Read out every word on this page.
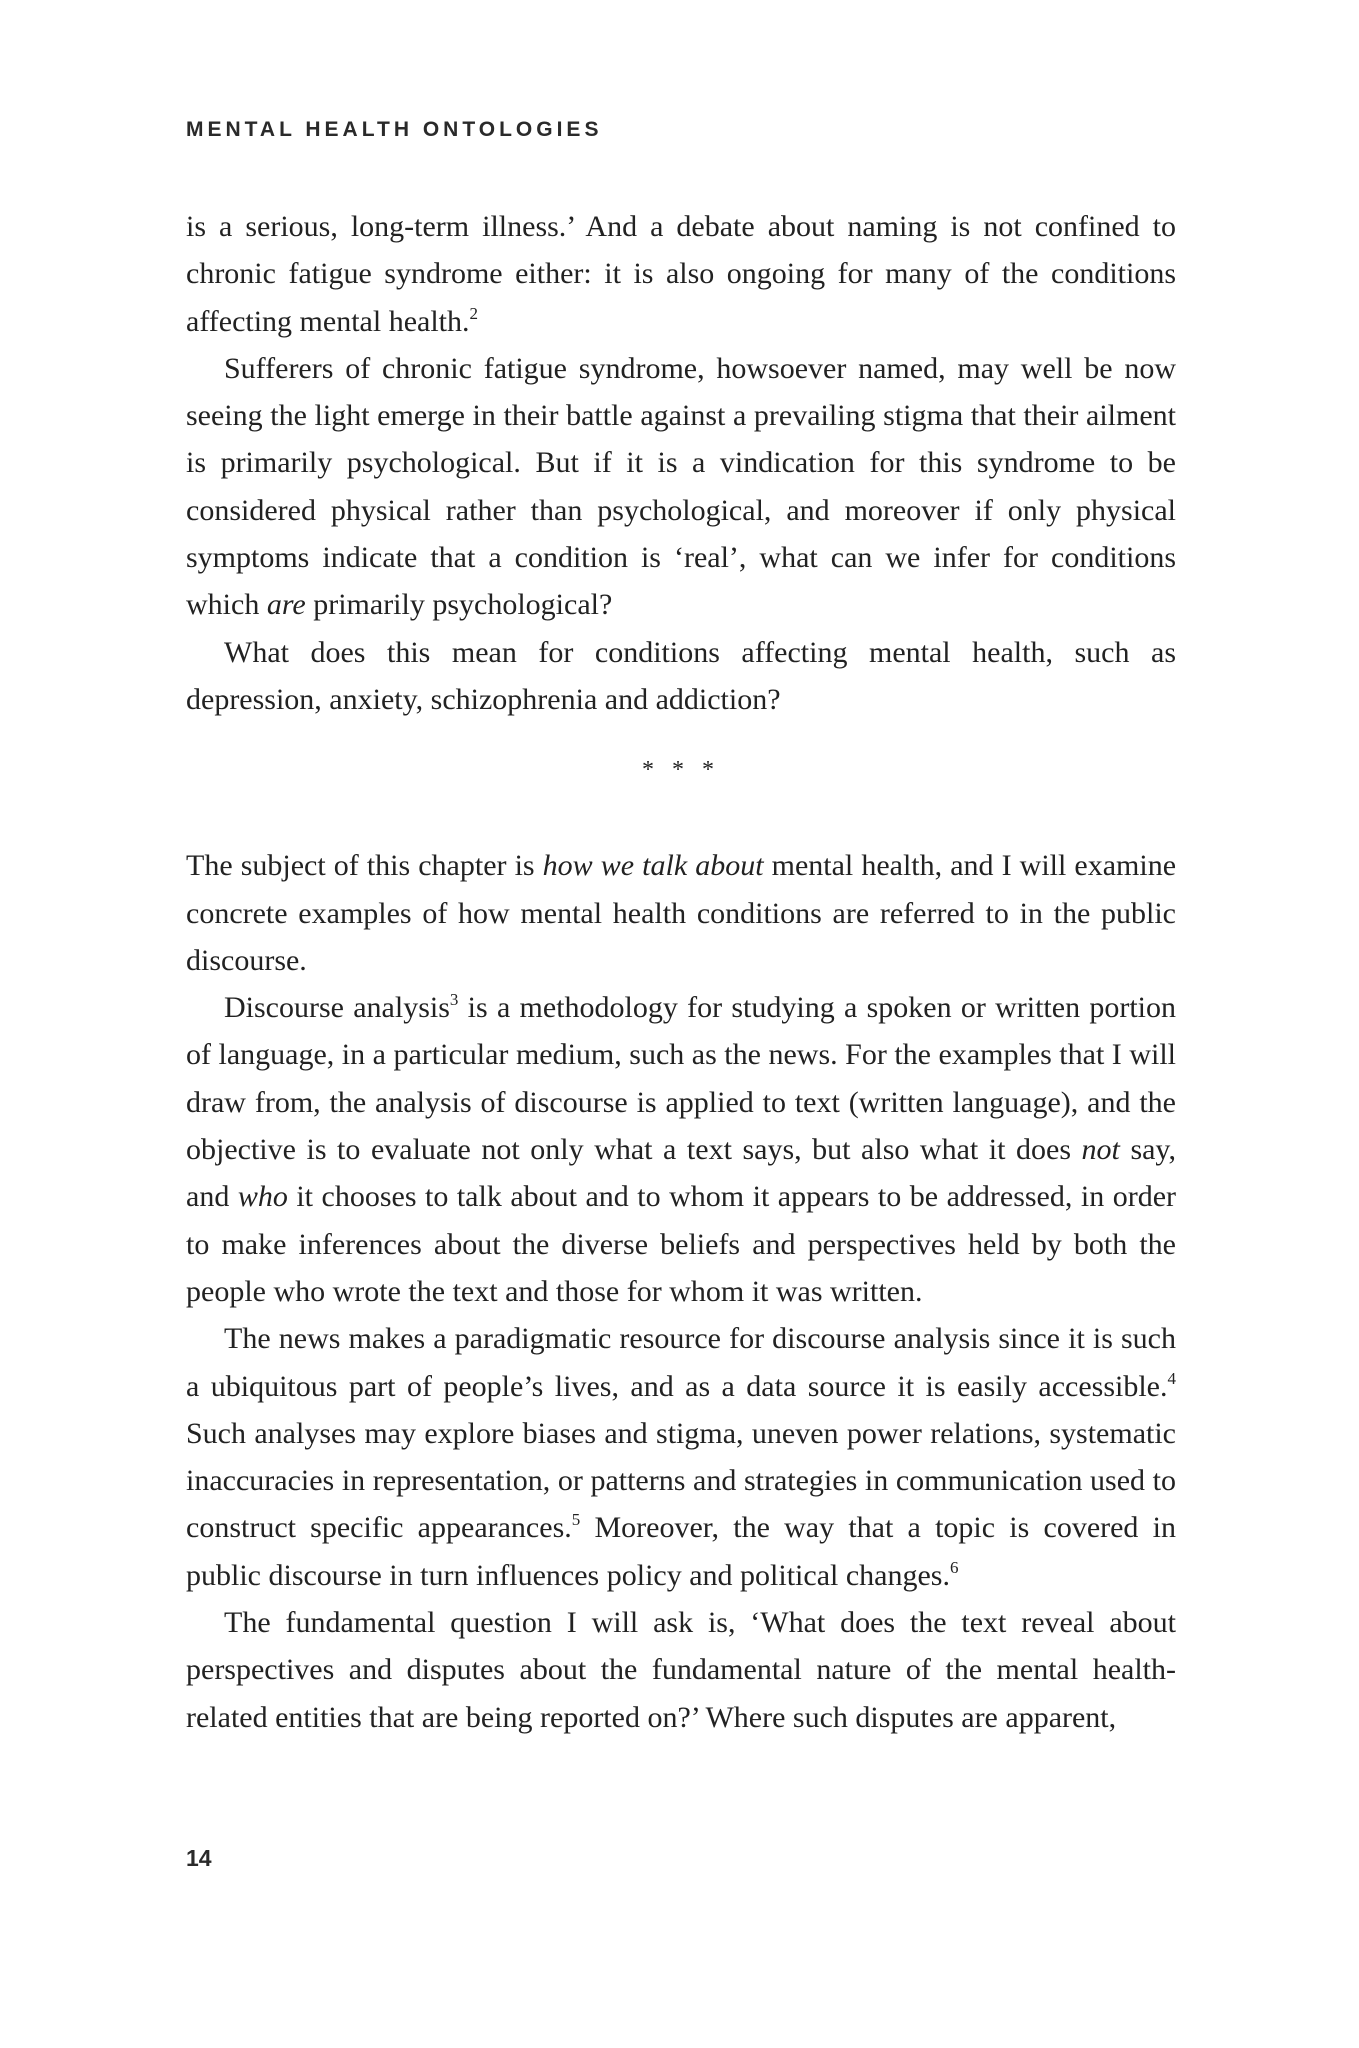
MENTAL HEALTH ONTOLOGIES

is a serious, long-term illness.’ And a debate about naming is not confined to chronic fatigue syndrome either: it is also ongoing for many of the conditions affecting mental health.$^2$

Sufferers of chronic fatigue syndrome, howsoever named, may well be now seeing the light emerge in their battle against a prevailing stigma that their ailment is primarily psychological. But if it is a vindication for this syndrome to be considered physical rather than psychological, and moreover if only physical symptoms indicate that a condition is ‘real’, what can we infer for conditions which are primarily psychological?

What does this mean for conditions affecting mental health, such as depression, anxiety, schizophrenia and addiction?

* * *

The subject of this chapter is how we talk about mental health, and I will examine concrete examples of how mental health conditions are referred to in the public discourse.

Discourse analysis$^3$ is a methodology for studying a spoken or written portion of language, in a particular medium, such as the news. For the examples that I will draw from, the analysis of discourse is applied to text (written language), and the objective is to evaluate not only what a text says, but also what it does not say, and who it chooses to talk about and to whom it appears to be addressed, in order to make inferences about the diverse beliefs and perspectives held by both the people who wrote the text and those for whom it was written.

The news makes a paradigmatic resource for discourse analysis since it is such a ubiquitous part of people’s lives, and as a data source it is easily accessible.$^4$ Such analyses may explore biases and stigma, uneven power relations, systematic inaccuracies in representation, or patterns and strategies in communication used to construct specific appearances.$^5$ Moreover, the way that a topic is covered in public discourse in turn influences policy and political changes.$^6$

The fundamental question I will ask is, ‘What does the text reveal about perspectives and disputes about the fundamental nature of the mental health-related entities that are being reported on?’ Where such disputes are apparent,

14
